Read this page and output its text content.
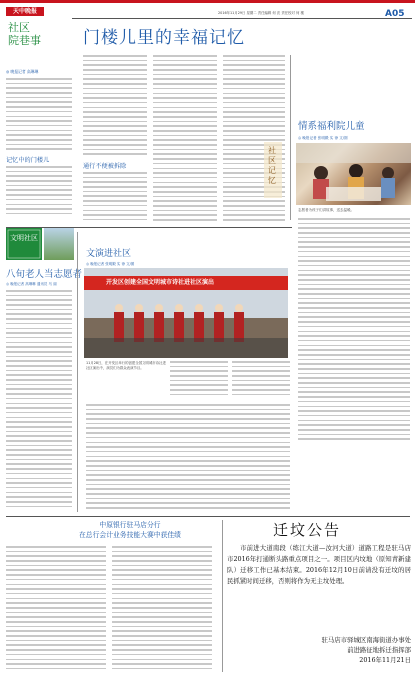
天中晚报
社区
院巷事
2016年11月29日 星期二 责任编辑 何 沃 责任校对 何 楼	A05
门楼儿里的幸福记忆
◎ 晚报记者 高琳琳
记忆中的门楼儿
通行不便被拆除
社区记忆
情系福利院儿童
◎ 晚报记者 张明殿 实 徐 文/图
志愿者为孩子们讲故事，送去温暖。
文明社区
八旬老人当志愿者
◎ 晚报记者 高琳琳 通讯员 马 丽
文演进社区
◎ 晚报记者 张明殿 实 徐 文/图
开发区创建全国文明城市诗社进社区演出
11月28日，在开发区举行的创建全国文明城市诗社进社区演出中，演员们为群众表演节目。
中原银行驻马店分行
在总行会计业务技能大赛中获佳绩	迁坟公告
市前进大道南段（练江大道—汝河大道）道路工程是驻马店市2016年打通断头路重点项目之一。项目区内坟地（原知青新建队）迁移工作已基本结束。2016年12月10日前请没有迁坟的居民抓紧时间迁移，否则将作为无主坟处理。
驻马店市驿城区南海街道办事处
前进路征地拆迁指挥部
2016年11月21日
